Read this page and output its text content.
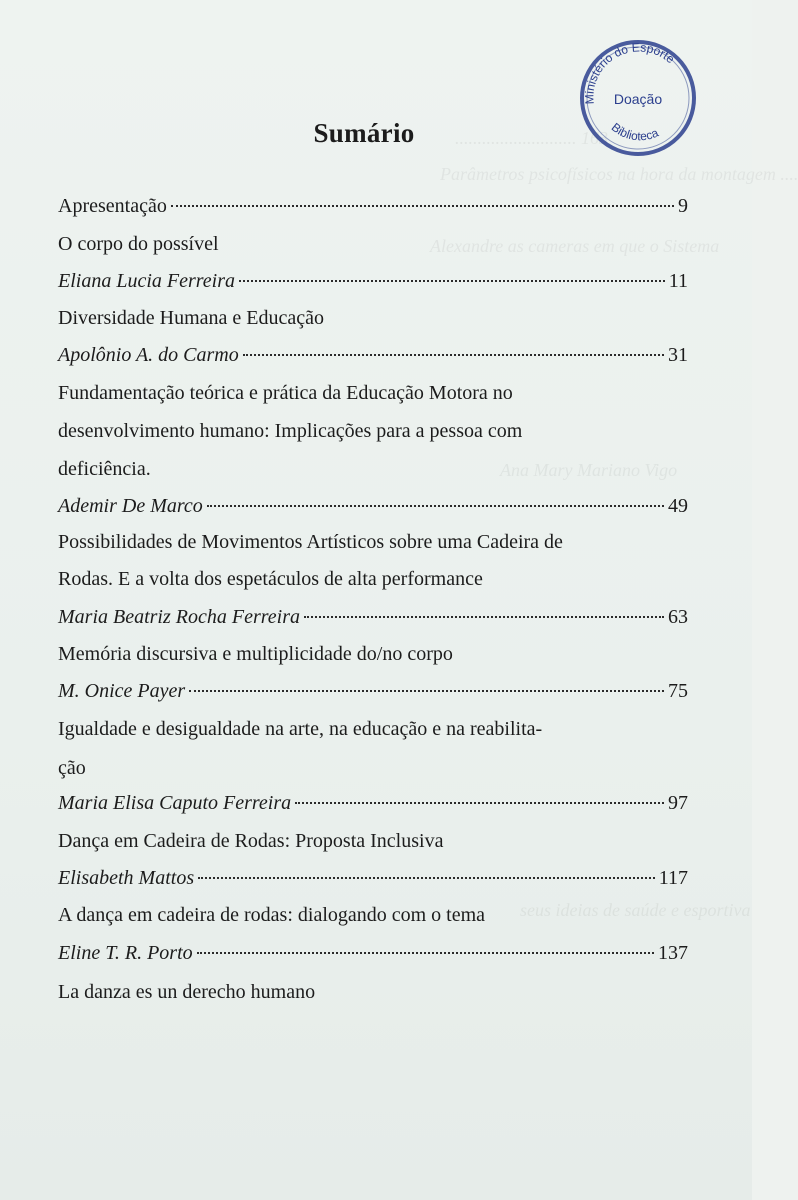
........................... 163
Parâmetros psicofísicos na hora da montagem ....
Alexandre as cameras em que o Sistema
Ana Mary Mariano Vigo
seus ideias de saúde e esportiva
Sumário
Apresentação	9
O corpo do possível
Eliana Lucia Ferreira	11
Diversidade Humana e Educação
Apolônio A. do Carmo	31
Fundamentação teórica e prática da Educação Motora no
desenvolvimento humano: Implicações para a pessoa com
deficiência.
Ademir De Marco	49
Possibilidades de Movimentos Artísticos sobre uma Cadeira de
Rodas. E a volta dos espetáculos de alta performance
Maria Beatriz Rocha Ferreira	63
Memória discursiva e multiplicidade do/no corpo
M. Onice Payer	75
Igualdade e desigualdade na arte, na educação e na reabilita-
ção
Maria Elisa Caputo Ferreira	97
Dança em Cadeira de Rodas: Proposta Inclusiva
Elisabeth Mattos	117
A dança em cadeira de rodas: dialogando com o tema
Eline T. R. Porto	137
La danza es un derecho humano
Ministério do Esporte
Doação
Biblioteca
